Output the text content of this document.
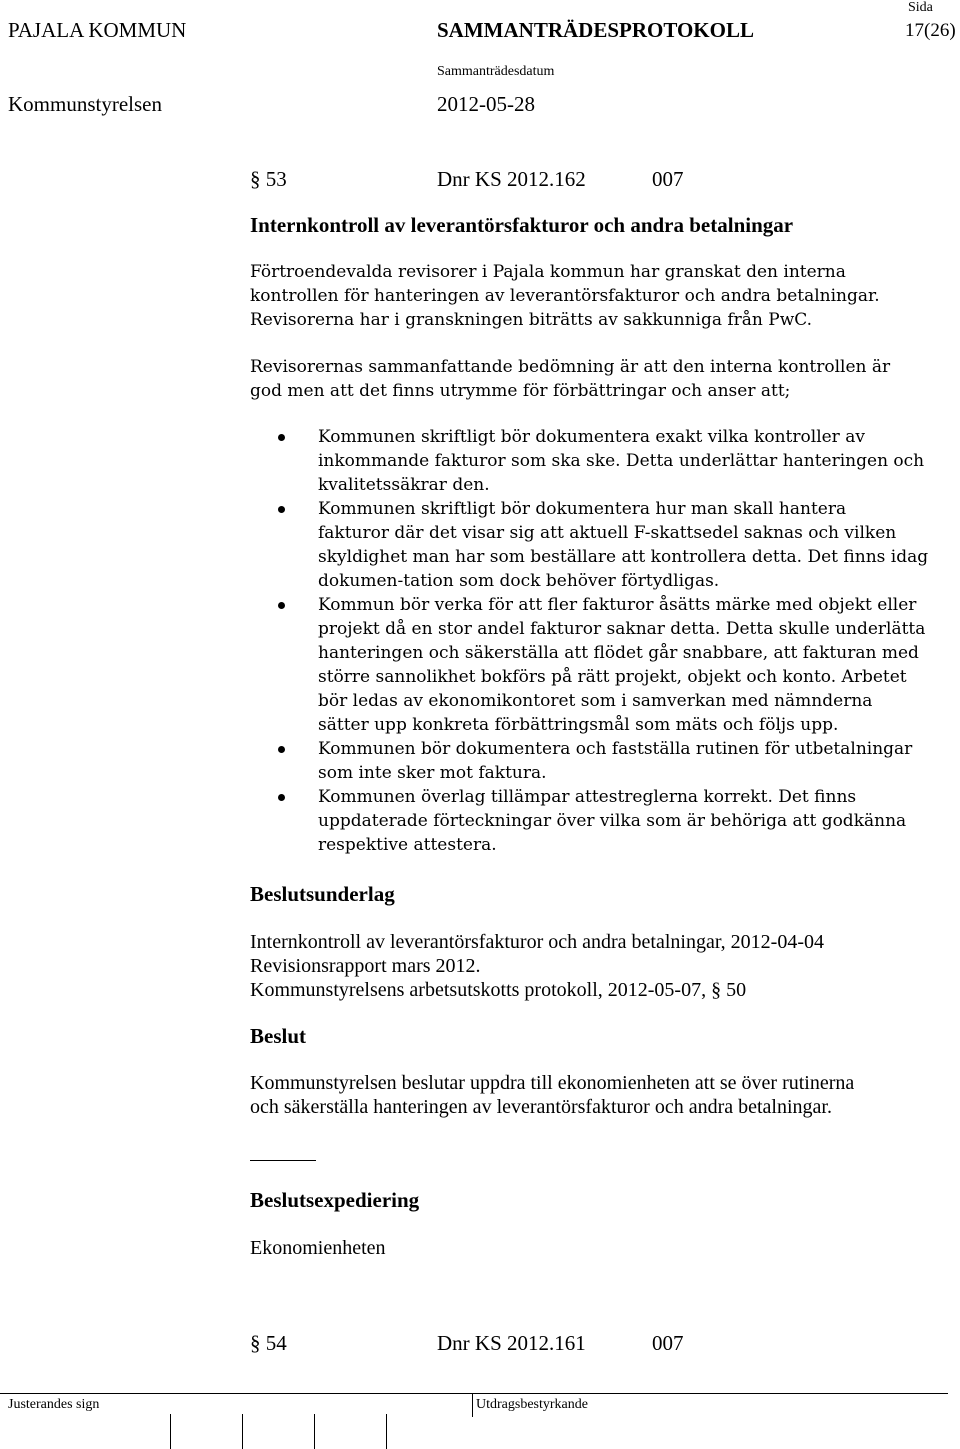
PAJALA KOMMUN	SAMMANTRÄDESPROTOKOLL
Sida
17(26)
Sammanträdesdatum
Kommunstyrelsen	2012-05-28
§ 53	Dnr KS 2012.162	007
Internkontroll av leverantörsfakturor och andra betalningar
Förtroendevalda revisorer i Pajala kommun har granskat den interna
kontrollen för hanteringen av leverantörsfakturor och andra betalningar.
Revisorerna har i granskningen biträtts av sakkunniga från PwC.
Revisorernas sammanfattande bedömning är att den interna kontrollen är
god men att det finns utrymme för förbättringar och anser att;
Kommunen skriftligt bör dokumentera exakt vilka kontroller av
inkommande fakturor som ska ske. Detta underlättar hanteringen och
kvalitetssäkrar den.
Kommunen skriftligt bör dokumentera hur man skall hantera
fakturor där det visar sig att aktuell F-skattsedel saknas och vilken
skyldighet man har som beställare att kontrollera detta. Det finns idag
dokumen-tation som dock behöver förtydligas.
Kommun bör verka för att fler fakturor åsätts märke med objekt eller
projekt då en stor andel fakturor saknar detta. Detta skulle underlätta
hanteringen och säkerställa att flödet går snabbare, att fakturan med
större sannolikhet bokförs på rätt projekt, objekt och konto. Arbetet
bör ledas av ekonomikontoret som i samverkan med nämnderna
sätter upp konkreta förbättringsmål som mäts och följs upp.
Kommunen bör dokumentera och fastställa rutinen för utbetalningar
som inte sker mot faktura.
Kommunen överlag tillämpar attestreglerna korrekt. Det finns
uppdaterade förteckningar över vilka som är behöriga att godkänna
respektive attestera.
Beslutsunderlag
Internkontroll av leverantörsfakturor och andra betalningar, 2012-04-04
Revisionsrapport mars 2012.
Kommunstyrelsens arbetsutskotts protokoll, 2012-05-07, § 50
Beslut
Kommunstyrelsen beslutar uppdra till ekonomienheten att se över rutinerna
och säkerställa hanteringen av leverantörsfakturor och andra betalningar.
Beslutsexpediering
Ekonomienheten
§ 54	Dnr KS 2012.161	007
Justerandes sign	Utdragsbestyrkande
